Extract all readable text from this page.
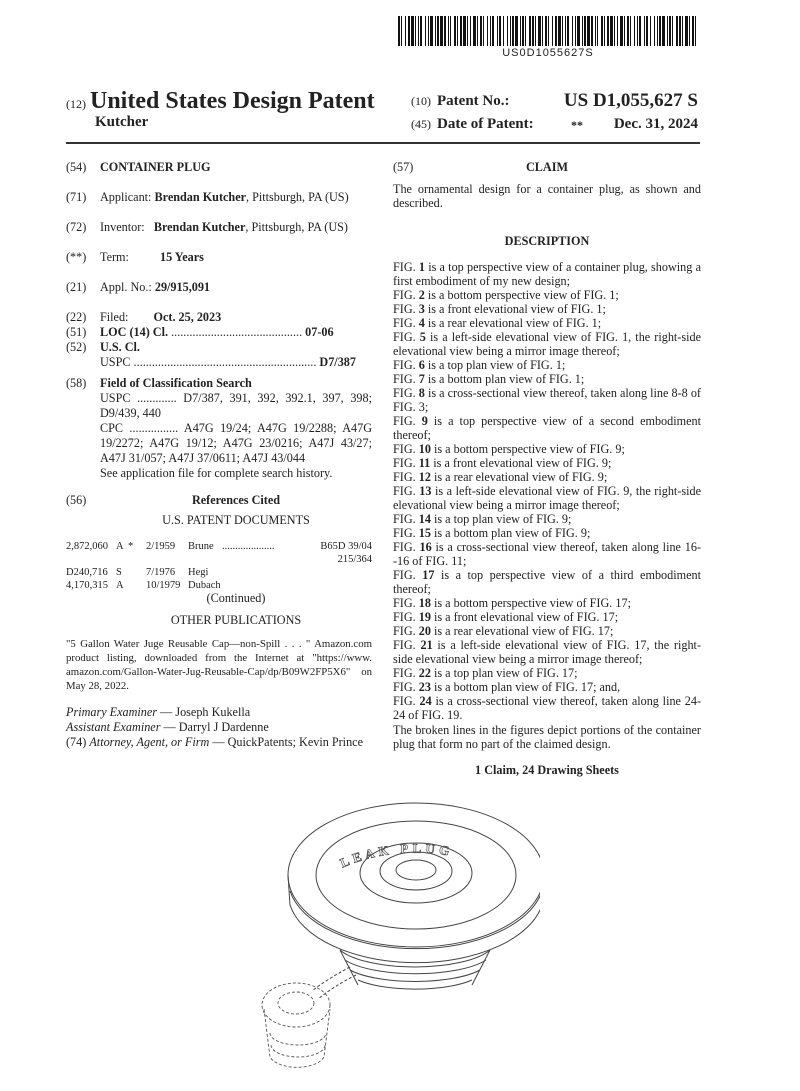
US0D1055627S
(12) United States Design Patent
Kutcher
(10) Patent No.:	US D1,055,627 S
(45) Date of Patent:	** Dec. 31, 2024
(54) CONTAINER PLUG
(71) Applicant: Brendan Kutcher, Pittsburgh, PA (US)
(72) Inventor: Brendan Kutcher, Pittsburgh, PA (US)
(**) Term:	15 Years
(21) Appl. No.: 29/915,091
(22) Filed: Oct. 25, 2023
(51) LOC (14) Cl. ........................................... 07-06
(52) U.S. Cl.
USPC ............................................................ D7/387
(58) Field of Classification Search
USPC ............. D7/387, 391, 392, 392.1, 397, 398; D9/439, 440
CPC ................ A47G 19/24; A47G 19/2288; A47G 19/2272; A47G 19/12; A47G 23/0216; A47J 43/27; A47J 31/057; A47J 37/0611; A47J 43/044
See application file for complete search history.
(56)	References Cited
U.S. PATENT DOCUMENTS
2,872,060 A * 2/1959 Brune ....................	B65D 39/04
215/364
D240,716 S 7/1976 Hegi
4,170,315 A 10/1979 Dubach
(Continued)
OTHER PUBLICATIONS
"5 Gallon Water Juge Reusable Cap—non-Spill . . . " Amazon.com product listing, downloaded from the Internet at "https://www. amazon.com/Gallon-Water-Jug-Reusable-Cap/dp/B09W2FP5X6" on May 28, 2022.
Primary Examiner — Joseph Kukella
Assistant Examiner — Darryl J Dardenne
(74) Attorney, Agent, or Firm — QuickPatents; Kevin Prince
(57)	CLAIM
The ornamental design for a container plug, as shown and described.
DESCRIPTION
FIG. 1 is a top perspective view of a container plug, showing a first embodiment of my new design;
FIG. 2 is a bottom perspective view of FIG. 1;
FIG. 3 is a front elevational view of FIG. 1;
FIG. 4 is a rear elevational view of FIG. 1;
FIG. 5 is a left-side elevational view of FIG. 1, the right-side elevational view being a mirror image thereof;
FIG. 6 is a top plan view of FIG. 1;
FIG. 7 is a bottom plan view of FIG. 1;
FIG. 8 is a cross-sectional view thereof, taken along line 8-8 of FIG. 3;
FIG. 9 is a top perspective view of a second embodiment thereof;
FIG. 10 is a bottom perspective view of FIG. 9;
FIG. 11 is a front elevational view of FIG. 9;
FIG. 12 is a rear elevational view of FIG. 9;
FIG. 13 is a left-side elevational view of FIG. 9, the right-side elevational view being a mirror image thereof;
FIG. 14 is a top plan view of FIG. 9;
FIG. 15 is a bottom plan view of FIG. 9;
FIG. 16 is a cross-sectional view thereof, taken along line 16--16 of FIG. 11;
FIG. 17 is a top perspective view of a third embodiment thereof;
FIG. 18 is a bottom perspective view of FIG. 17;
FIG. 19 is a front elevational view of FIG. 17;
FIG. 20 is a rear elevational view of FIG. 17;
FIG. 21 is a left-side elevational view of FIG. 17, the right-side elevational view being a mirror image thereof;
FIG. 22 is a top plan view of FIG. 17;
FIG. 23 is a bottom plan view of FIG. 17; and,
FIG. 24 is a cross-sectional view thereof, taken along line 24-24 of FIG. 19.
The broken lines in the figures depict portions of the container plug that form no part of the claimed design.
1 Claim, 24 Drawing Sheets
LEAK PLUG
